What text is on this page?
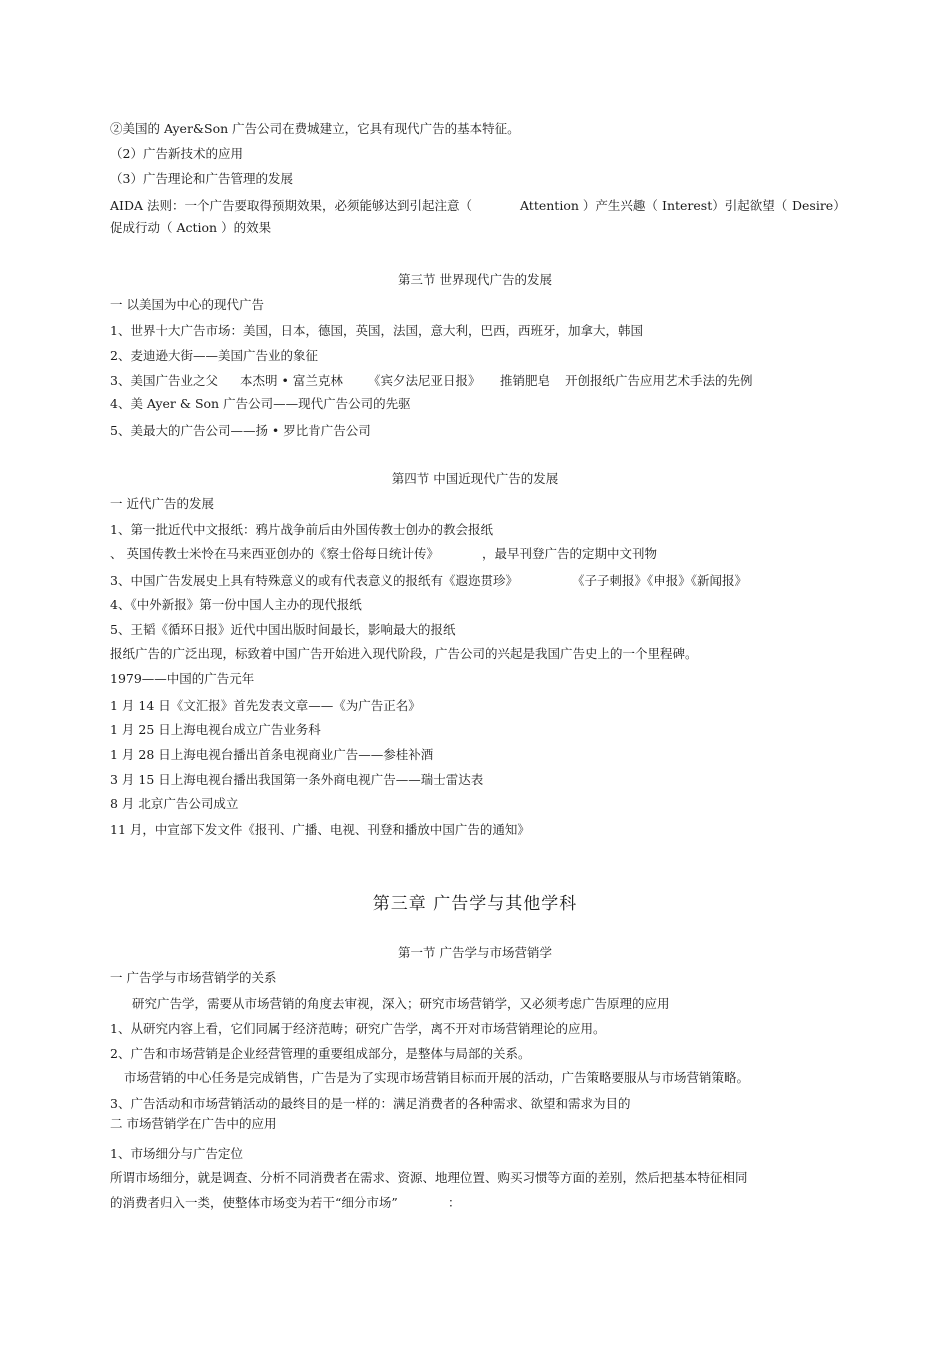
②美国的 Ayer&Son 广告公司在费城建立，它具有现代广告的基本特征。
（2）广告新技术的应用
（3）广告理论和广告管理的发展
AIDA 法则：一个广告要取得预期效果，必须能够达到引起注意（	Attention ）产生兴趣（ Interest）引起欲望（ Desire）
促成行动（ Action ）的效果
第三节 世界现代广告的发展
一 以美国为中心的现代广告
1、世界十大广告市场：美国，日本，德国，英国，法国，意大利，巴西，西班牙，加拿大，韩国
2、麦迪逊大街——美国广告业的象征
3、美国广告业之父 本杰明 • 富兰克林 《宾夕法尼亚日报》 推销肥皂 开创报纸广告应用艺术手法的先例
4、美 Ayer & Son 广告公司——现代广告公司的先驱
5、美最大的广告公司——扬 • 罗比肯广告公司
第四节 中国近现代广告的发展
一 近代广告的发展
1、第一批近代中文报纸：鸦片战争前后由外国传教士创办的教会报纸
、 英国传教士米怜在马来西亚创办的《察士俗每日统计传》	，最早刊登广告的定期中文刊物
3、中国广告发展史上具有特殊意义的或有代表意义的报纸有《遐迩贯珍》	《子子刺报》《申报》《新闻报》
4、《中外新报》第一份中国人主办的现代报纸
5、王韬《循环日报》近代中国出版时间最长，影响最大的报纸
报纸广告的广泛出现，标致着中国广告开始进入现代阶段，广告公司的兴起是我国广告史上的一个里程碑。
1979——中国的广告元年
1 月 14 日《文汇报》首先发表文章——《为广告正名》
1 月 25 日上海电视台成立广告业务科
1 月 28 日上海电视台播出首条电视商业广告——参桂补酒
3 月 15 日上海电视台播出我国第一条外商电视广告——瑞士雷达表
8 月 北京广告公司成立
11 月，中宣部下发文件《报刊、广播、电视、刊登和播放中国广告的通知》
第三章 广告学与其他学科
第一节 广告学与市场营销学
一 广告学与市场营销学的关系
研究广告学，需要从市场营销的角度去审视，深入；研究市场营销学，又必须考虑广告原理的应用
1、从研究内容上看，它们同属于经济范畴；研究广告学，离不开对市场营销理论的应用。
2、广告和市场营销是企业经营管理的重要组成部分，是整体与局部的关系。
市场营销的中心任务是完成销售，广告是为了实现市场营销目标而开展的活动，广告策略要服从与市场营销策略。
3、广告活动和市场营销活动的最终目的是一样的：满足消费者的各种需求、欲望和需求为目的
二 市场营销学在广告中的应用
1、市场细分与广告定位
所谓市场细分，就是调查、分析不同消费者在需求、资源、地理位置、购买习惯等方面的差别，然后把基本特征相同
的消费者归入一类，使整体市场变为若干“细分市场”	：
